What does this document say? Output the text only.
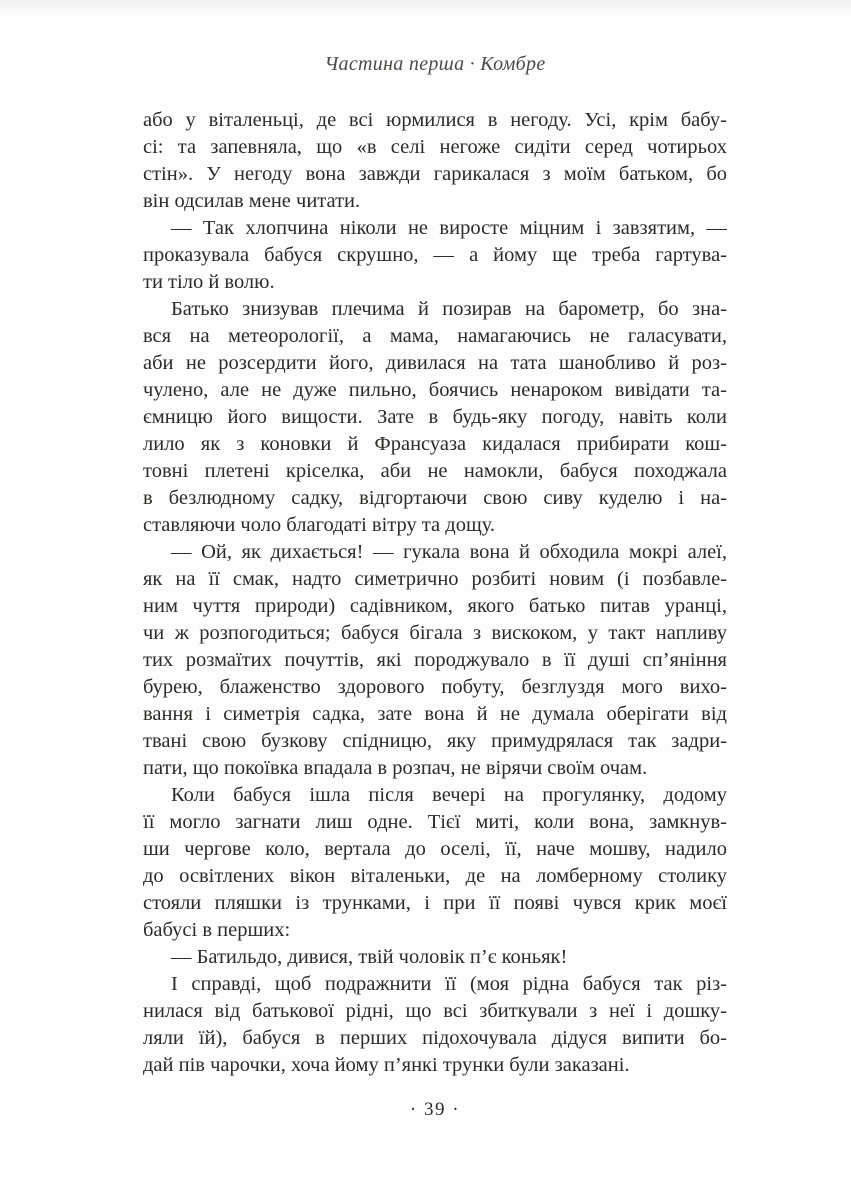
Частина перша · Комбре
або у віталеньці, де всі юрмилися в негоду. Усі, крім бабу-
сі: та запевняла, що «в селі негоже сидіти серед чотирьох
стін». У негоду вона завжди гарикалася з моїм батьком, бо
він одсилав мене читати.
— Так хлопчина ніколи не виросте міцним і завзятим, —
проказувала бабуся скрушно, — а йому ще треба гартува-
ти тіло й волю.
Батько знизував плечима й позирав на барометр, бо зна-
вся на метеорології, а мама, намагаючись не галасувати,
аби не розсердити його, дивилася на тата шанобливо й роз-
чулено, але не дуже пильно, боячись ненароком вивідати та-
ємницю його вищости. Зате в будь-яку погоду, навіть коли
лило як з коновки й Франсуаза кидалася прибирати кош-
товні плетені кріселка, аби не намокли, бабуся походжала
в безлюдному садку, відгортаючи свою сиву куделю і на-
ставляючи чоло благодаті вітру та дощу.
— Ой, як дихається! — гукала вона й обходила мокрі алеї,
як на її смак, надто симетрично розбиті новим (і позбавле-
ним чуття природи) садівником, якого батько питав уранці,
чи ж розпогодиться; бабуся бігала з вискоком, у такт напливу
тих розмаїтих почуттів, які породжувало в її душі сп’яніння
бурею, блаженство здорового побуту, безглуздя мого вихо-
вання і симетрія садка, зате вона й не думала оберігати від
твані свою бузкову спідницю, яку примудрялася так задри-
пати, що покоївка впадала в розпач, не вірячи своїм очам.
Коли бабуся ішла після вечері на прогулянку, додому
її могло загнати лиш одне. Тієї миті, коли вона, замкнув-
ши чергове коло, вертала до оселі, її, наче мошву, надило
до освітлених вікон віталеньки, де на ломберному столику
стояли пляшки із трунками, і при її появі чувся крик моєї
бабусі в перших:
— Батильдо, дивися, твій чоловік п’є коньяк!
І справді, щоб подражнити її (моя рідна бабуся так різ-
нилася від батькової рідні, що всі збиткували з неї і дошку-
ляли їй), бабуся в перших підохочувала дідуся випити бо-
дай пів чарочки, хоча йому п’янкі трунки були заказані.
· 39 ·
